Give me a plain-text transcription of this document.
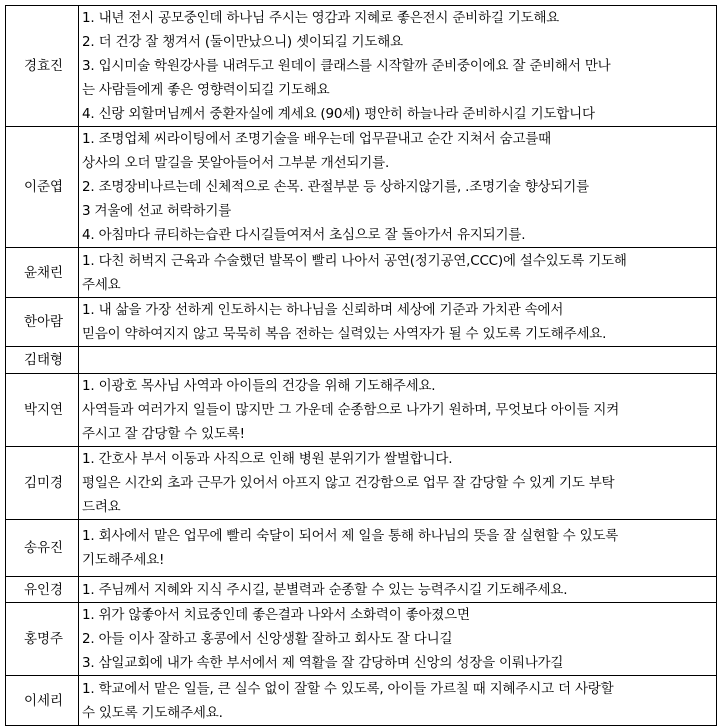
경효진	1. 내년 전시 공모중인데 하나님 주시는 영감과 지혜로 좋은전시 준비하길 기도해요
2. 더 건강 잘 챙겨서 (둘이만났으니) 셋이되길 기도해요
3. 입시미술 학원강사를 내려두고 원데이 클래스를 시작할까 준비중이에요 잘 준비해서 만나
는 사람들에게 좋은 영향력이되길 기도해요
4. 신랑 외할머님께서 중환자실에 계세요 (90세) 평안히 하늘나라 준비하시길 기도합니다

이준엽	1. 조명업체 씨라이팅에서 조명기술을 배우는데 업무끝내고 순간 지쳐서 숨고를때
상사의 오더 말길을 못알아들어서 그부분 개선되기를.
2. 조명장비나르는데 신체적으로 손목. 관절부분 등 상하지않기를, .조명기술 향상되기를
3 겨울에 선교 허락하기를
4. 아침마다 큐티하는습관 다시길들여져서 초심으로 잘 돌아가서 유지되기를.

윤채린	1. 다친 허벅지 근육과 수술했던 발목이 빨리 나아서 공연(정기공연,CCC)에 설수있도록 기도해
주세요

한아람	1. 내 삶을 가장 선하게 인도하시는 하나님을 신뢰하며 세상에 기준과 가치관 속에서
믿음이 약하여지지 않고 묵묵히 복음 전하는 실력있는 사역자가 될 수 있도록 기도해주세요.

김태형	
박지연	1. 이광호 목사님 사역과 아이들의 건강을 위해 기도해주세요.
사역들과 여러가지 일들이 많지만 그 가운데 순종함으로 나가기 원하며, 무엇보다 아이들 지켜
주시고 잘 감당할 수 있도록!

김미경	1. 간호사 부서 이동과 사직으로 인해 병원 분위기가 쌀벌합니다.
평일은 시간외 초과 근무가 있어서 아프지 않고 건강함으로 업무 잘 감당할 수 있게 기도 부탁
드려요

송유진	1. 회사에서 맡은 업무에 빨리 숙달이 되어서 제 일을 통해 하나님의 뜻을 잘 실현할 수 있도록
기도해주세요!

유인경	1. 주님께서 지혜와 지식 주시길, 분별력과 순종할 수 있는 능력주시길 기도해주세요.

홍명주	1. 위가 않좋아서 치료중인데 좋은결과 나와서 소화력이 좋아졌으면
2. 아들 이사 잘하고 홍콩에서 신앙생활 잘하고 회사도 잘 다니길
3. 삼일교회에 내가 속한 부서에서 제 역활을 잘 감당하며 신앙의 성장을 이뤄나가길

이세리	1. 학교에서 맡은 일들, 큰 실수 없이 잘할 수 있도록, 아이들 가르칠 때 지혜주시고 더 사랑할
수 있도록 기도해주세요.
